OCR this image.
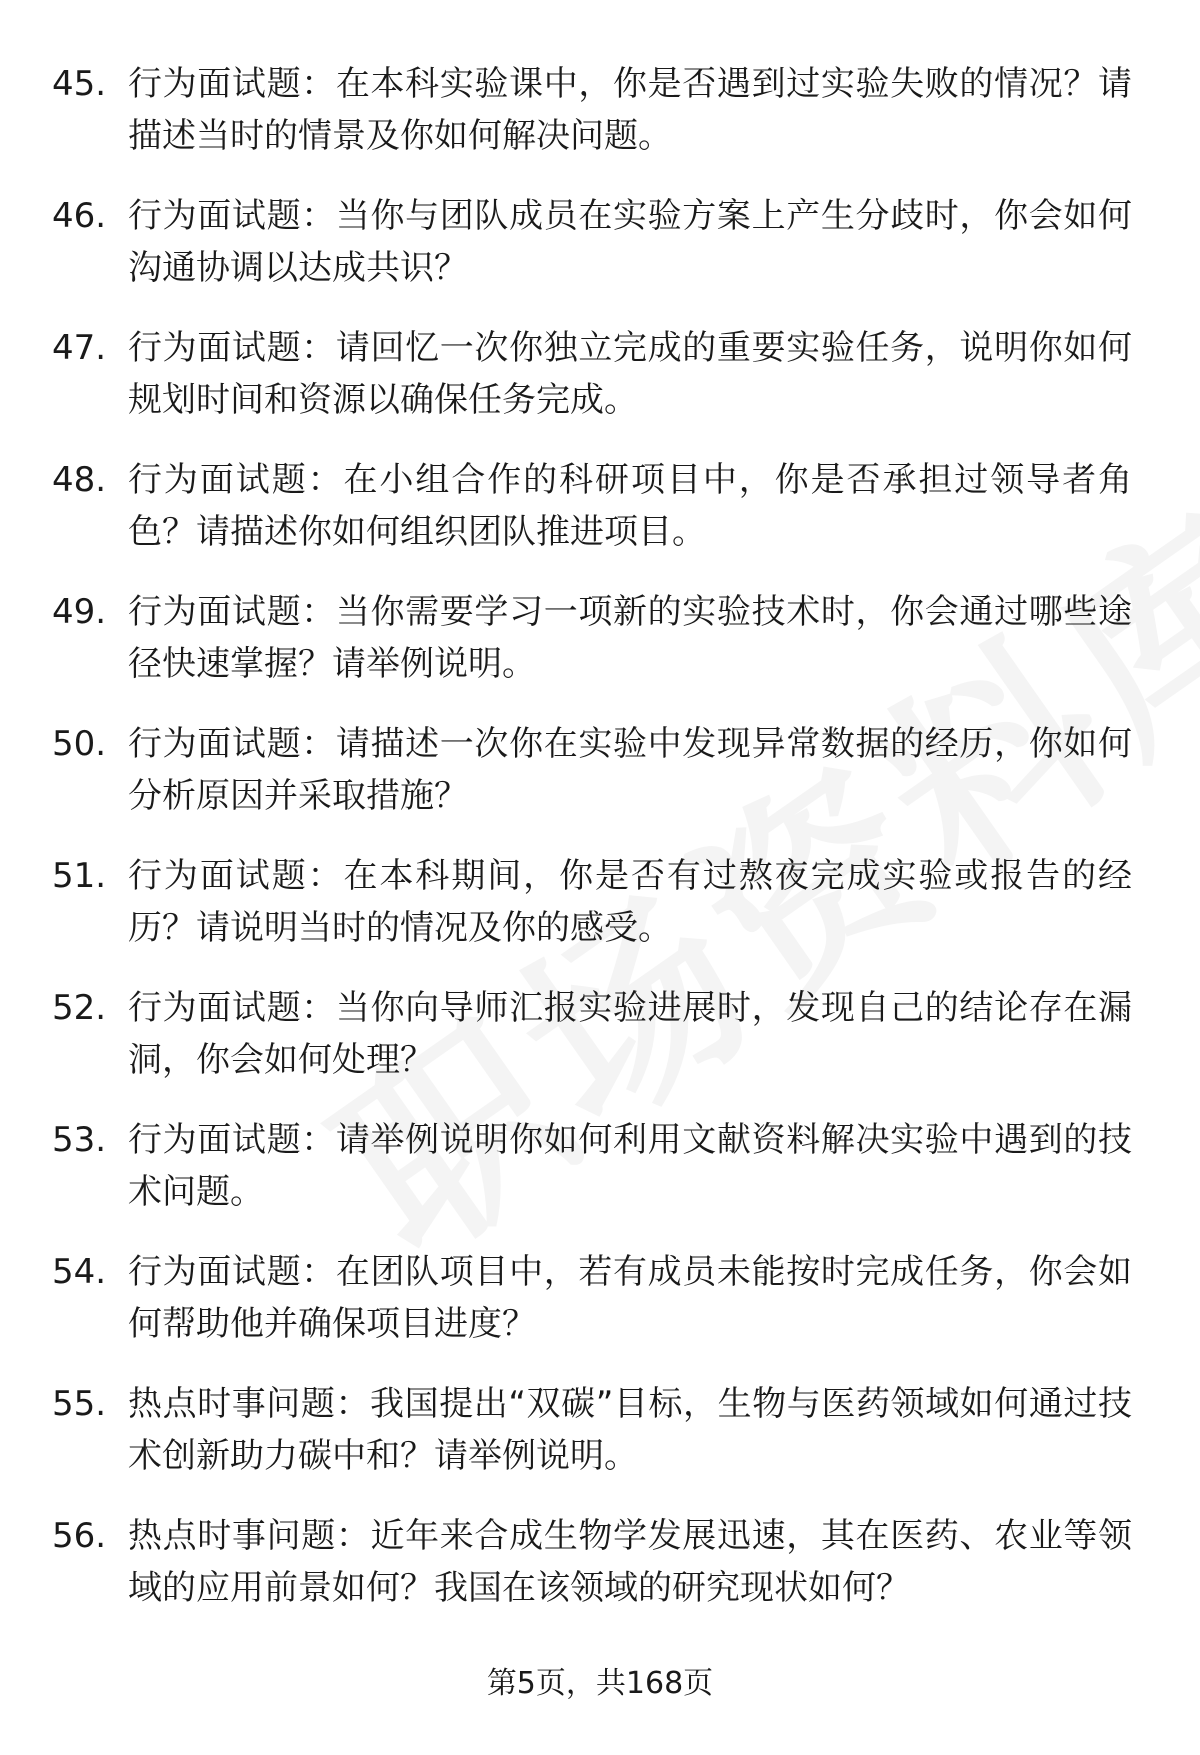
45. 行为面试题：在本科实验课中，你是否遇到过实验失败的情况？请描述当时的情景及你如何解决问题。
46. 行为面试题：当你与团队成员在实验方案上产生分歧时，你会如何沟通协调以达成共识？
47. 行为面试题：请回忆一次你独立完成的重要实验任务，说明你如何规划时间和资源以确保任务完成。
48. 行为面试题：在小组合作的科研项目中，你是否承担过领导者角色？请描述你如何组织团队推进项目。
49. 行为面试题：当你需要学习一项新的实验技术时，你会通过哪些途径快速掌握？请举例说明。
50. 行为面试题：请描述一次你在实验中发现异常数据的经历，你如何分析原因并采取措施？
51. 行为面试题：在本科期间，你是否有过熬夜完成实验或报告的经历？请说明当时的情况及你的感受。
52. 行为面试题：当你向导师汇报实验进展时，发现自己的结论存在漏洞，你会如何处理？
53. 行为面试题：请举例说明你如何利用文献资料解决实验中遇到的技术问题。
54. 行为面试题：在团队项目中，若有成员未能按时完成任务，你会如何帮助他并确保项目进度？
55. 热点时事问题：我国提出“双碳”目标，生物与医药领域如何通过技术创新助力碳中和？请举例说明。
56. 热点时事问题：近年来合成生物学发展迅速，其在医药、农业等领域的应用前景如何？我国在该领域的研究现状如何？
第5页，共168页
